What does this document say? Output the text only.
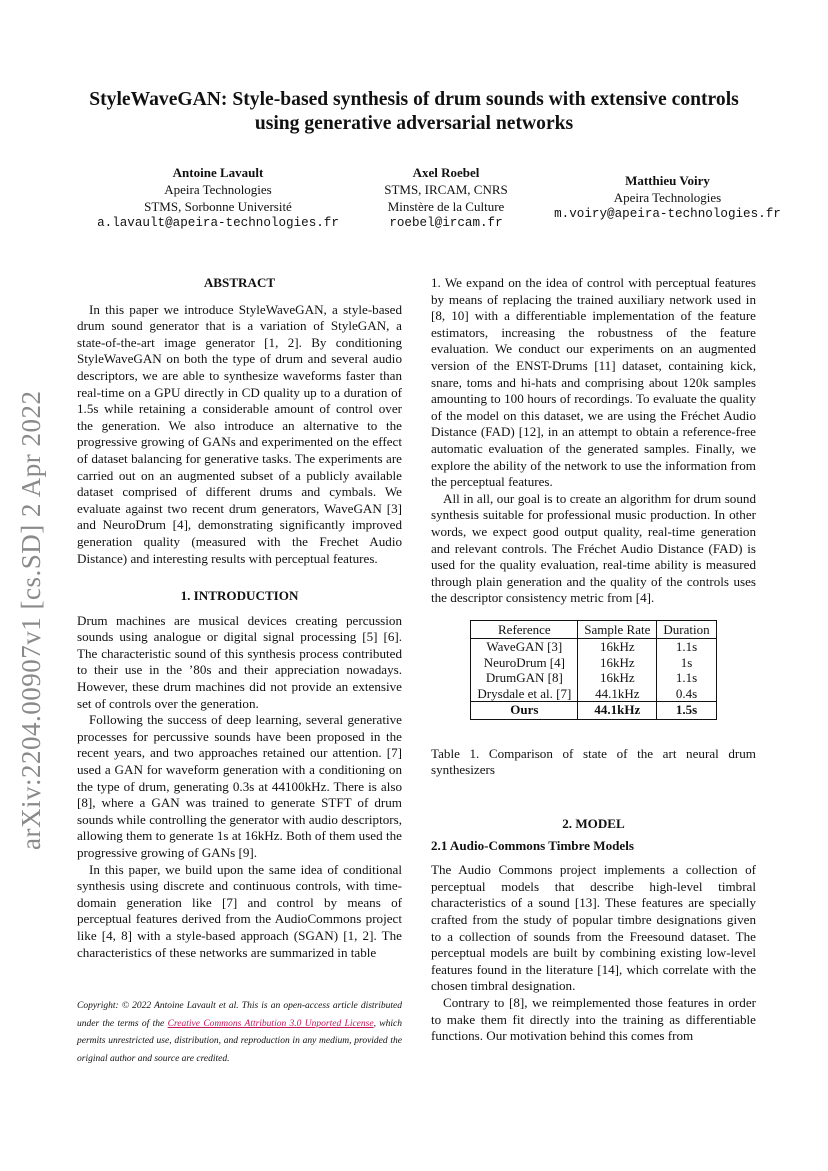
arXiv:2204.00907v1 [cs.SD] 2 Apr 2022
StyleWaveGAN: Style-based synthesis of drum sounds with extensive controls
using generative adversarial networks
Antoine Lavault
Apeira Technologies
STMS, Sorbonne Université
a.lavault@apeira-technologies.fr
Axel Roebel
STMS, IRCAM, CNRS
Minstère de la Culture
roebel@ircam.fr
Matthieu Voiry
Apeira Technologies
m.voiry@apeira-technologies.fr

ABSTRACT

In this paper we introduce StyleWaveGAN, a style-based drum sound generator that is a variation of StyleGAN, a state-of-the-art image generator [1, 2]. By conditioning StyleWaveGAN on both the type of drum and several audio descriptors, we are able to synthesize waveforms faster than real-time on a GPU directly in CD quality up to a duration of 1.5s while retaining a considerable amount of control over the generation. We also introduce an alternative to the progressive growing of GANs and experimented on the effect of dataset balancing for generative tasks. The experiments are carried out on an augmented subset of a publicly available dataset comprised of different drums and cymbals. We evaluate against two recent drum generators, WaveGAN [3] and NeuroDrum [4], demonstrating significantly improved generation quality (measured with the Frechet Audio Distance) and interesting results with perceptual features.

1. INTRODUCTION

Drum machines are musical devices creating percussion sounds using analogue or digital signal processing [5] [6]. The characteristic sound of this synthesis process contributed to their use in the ’80s and their appreciation nowadays. However, these drum machines did not provide an extensive set of controls over the generation.

Following the success of deep learning, several generative processes for percussive sounds have been proposed in the recent years, and two approaches retained our attention. [7] used a GAN for waveform generation with a conditioning on the type of drum, generating 0.3s at 44100kHz. There is also [8], where a GAN was trained to generate STFT of drum sounds while controlling the generator with audio descriptors, allowing them to generate 1s at 16kHz. Both of them used the progressive growing of GANs [9].

In this paper, we build upon the same idea of conditional synthesis using discrete and continuous controls, with time-domain generation like [7] and control by means of perceptual features derived from the AudioCommons project like [4, 8] with a style-based approach (SGAN) [1, 2]. The characteristics of these networks are summarized in table

Copyright: © 2022 Antoine Lavault et al. This is an open-access article distributed under the terms of the Creative Commons Attribution 3.0 Unported License, which permits unrestricted use, distribution, and reproduction in any medium, provided the original author and source are credited.

1. We expand on the idea of control with perceptual features by means of replacing the trained auxiliary network used in [8, 10] with a differentiable implementation of the feature estimators, increasing the robustness of the feature evaluation. We conduct our experiments on an augmented version of the ENST-Drums [11] dataset, containing kick, snare, toms and hi-hats and comprising about 120k samples amounting to 100 hours of recordings. To evaluate the quality of the model on this dataset, we are using the Fréchet Audio Distance (FAD) [12], in an attempt to obtain a reference-free automatic evaluation of the generated samples. Finally, we explore the ability of the network to use the information from the perceptual features.

All in all, our goal is to create an algorithm for drum sound synthesis suitable for professional music production. In other words, we expect good output quality, real-time generation and relevant controls. The Fréchet Audio Distance (FAD) is used for the quality evaluation, real-time ability is measured through plain generation and the quality of the controls uses the descriptor consistency metric from [4].

Reference	Sample Rate	Duration
WaveGAN [3]	16kHz	1.1s
NeuroDrum [4]	16kHz	1s
DrumGAN [8]	16kHz	1.1s
Drysdale et al. [7]	44.1kHz	0.4s
Ours	44.1kHz	1.5s

Table 1. Comparison of state of the art neural drum synthesizers

2. MODEL

2.1 Audio-Commons Timbre Models

The Audio Commons project implements a collection of perceptual models that describe high-level timbral characteristics of a sound [13]. These features are specially crafted from the study of popular timbre designations given to a collection of sounds from the Freesound dataset. The perceptual models are built by combining existing low-level features found in the literature [14], which correlate with the chosen timbral designation.

Contrary to [8], we reimplemented those features in order to make them fit directly into the training as differentiable functions. Our motivation behind this comes from
